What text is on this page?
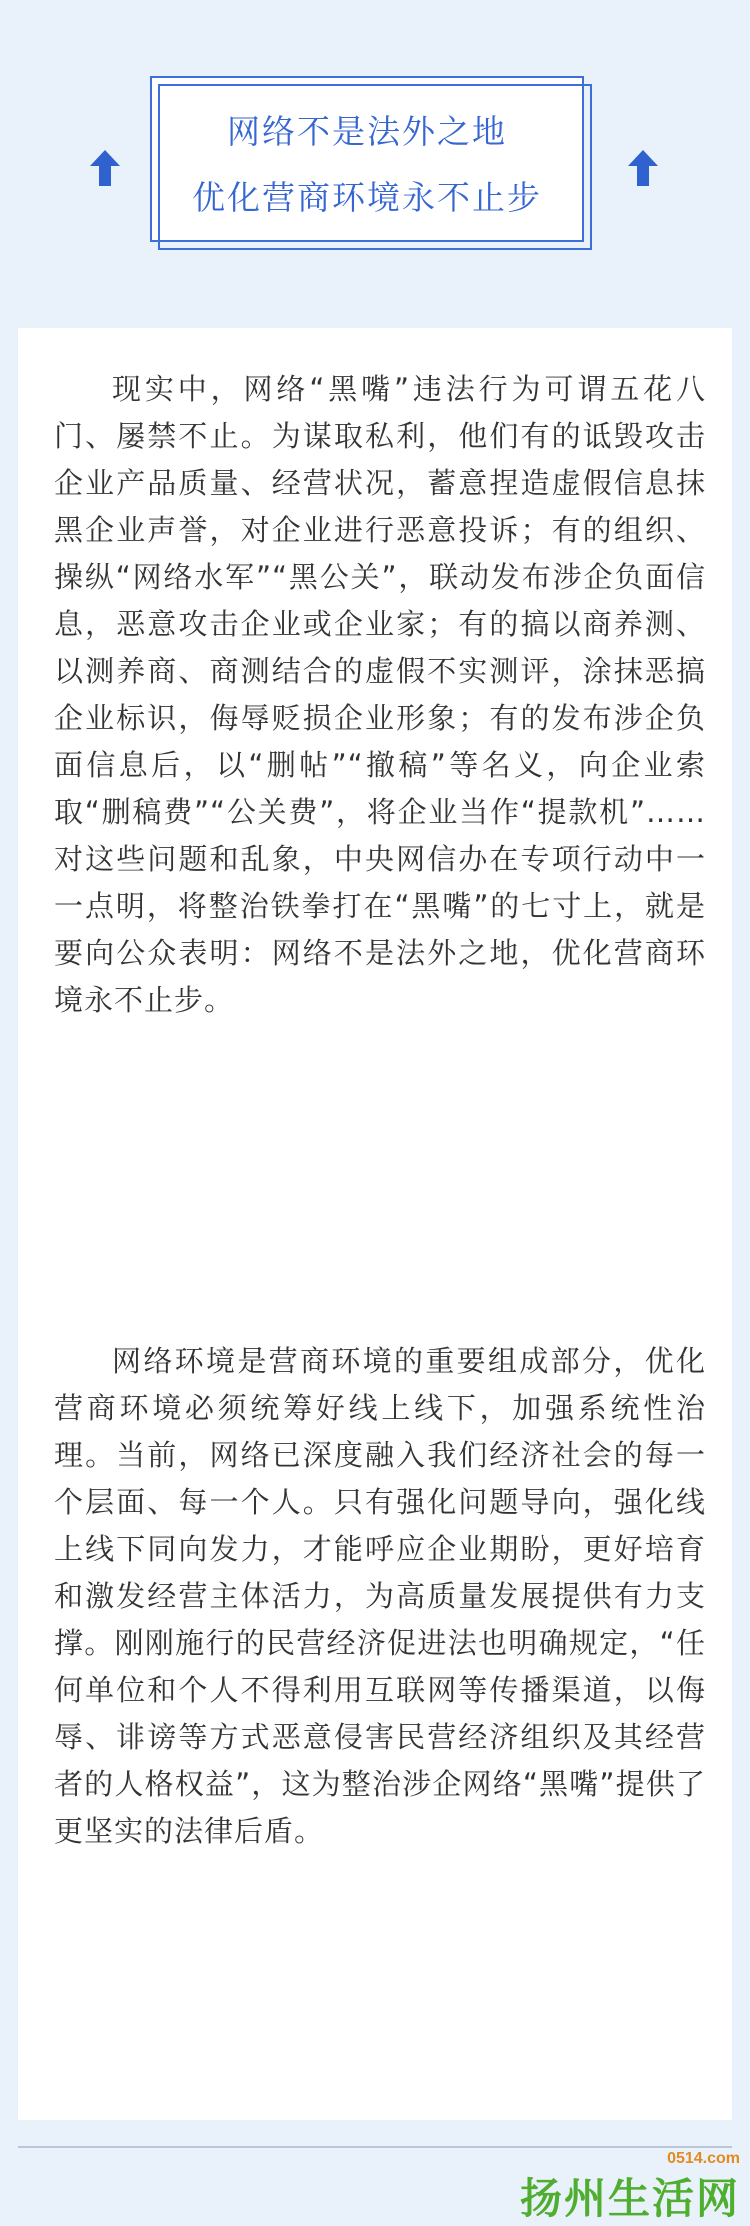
网络不是法外之地
优化营商环境永不止步

现实中，网络“黑嘴”违法行为可谓五花八门、屡禁不止。为谋取私利，他们有的诋毁攻击企业产品质量、经营状况，蓄意捏造虚假信息抹黑企业声誉，对企业进行恶意投诉；有的组织、操纵“网络水军”“黑公关”，联动发布涉企负面信息，恶意攻击企业或企业家；有的搞以商养测、以测养商、商测结合的虚假不实测评，涂抹恶搞企业标识，侮辱贬损企业形象；有的发布涉企负面信息后，以“删帖”“撤稿”等名义，向企业索取“删稿费”“公关费”，将企业当作“提款机”……对这些问题和乱象，中央网信办在专项行动中一一点明，将整治铁拳打在“黑嘴”的七寸上，就是要向公众表明：网络不是法外之地，优化营商环境永不止步。

网络环境是营商环境的重要组成部分，优化营商环境必须统筹好线上线下，加强系统性治理。当前，网络已深度融入我们经济社会的每一个层面、每一个人。只有强化问题导向，强化线上线下同向发力，才能呼应企业期盼，更好培育和激发经营主体活力，为高质量发展提供有力支撑。刚刚施行的民营经济促进法也明确规定，“任何单位和个人不得利用互联网等传播渠道，以侮辱、诽谤等方式恶意侵害民营经济组织及其经营者的人格权益”，这为整治涉企网络“黑嘴”提供了更坚实的法律后盾。

0514.com
扬州生活网
